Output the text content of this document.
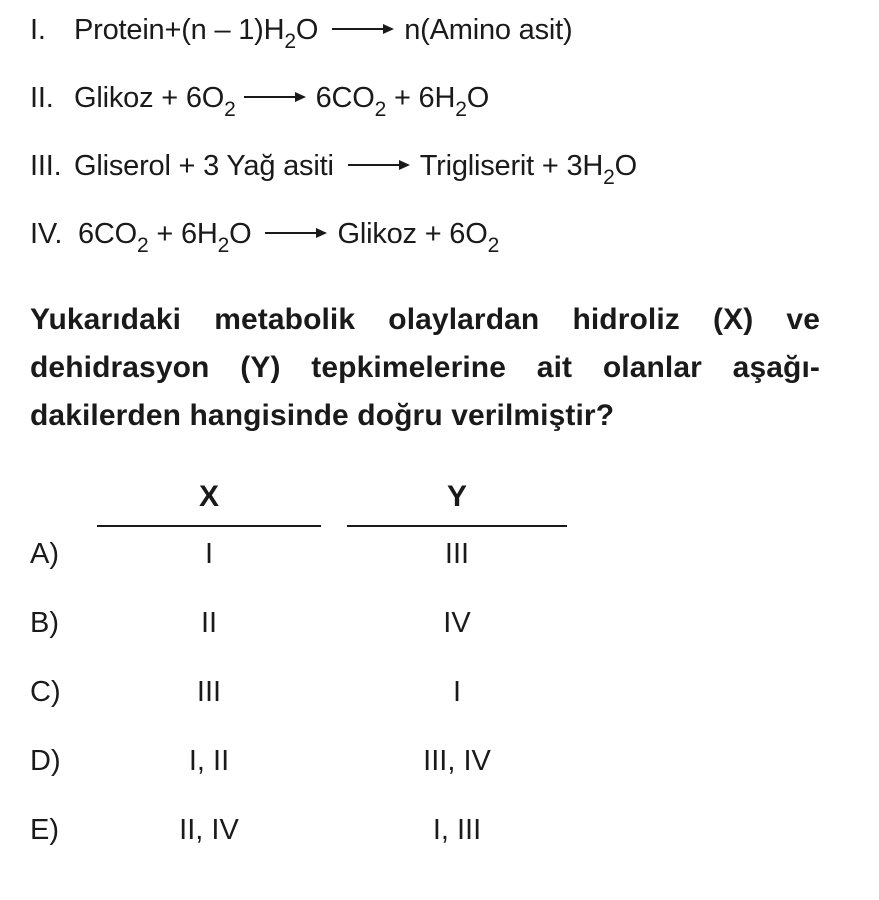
I. Protein+(n – 1)H 2 O → n(Amino asit)
II. Glikoz + 6O 2 → 6CO 2 + 6H 2 O
III. Gliserol + 3 Yağ asiti → Trigliserit + 3H 2 O
IV. 6CO 2 + 6H 2 O → Glikoz + 6O 2
Yukarıdaki metabolik olaylardan hidroliz (X) ve
dehidrasyon (Y) tepkimelerine ait olanlar aşağı-
dakilerden hangisinde doğru verilmiştir?
X	Y
A)	I	III
B)	II	IV
C)	III	I
D)	I, II	III, IV
E)	II, IV	I, III
